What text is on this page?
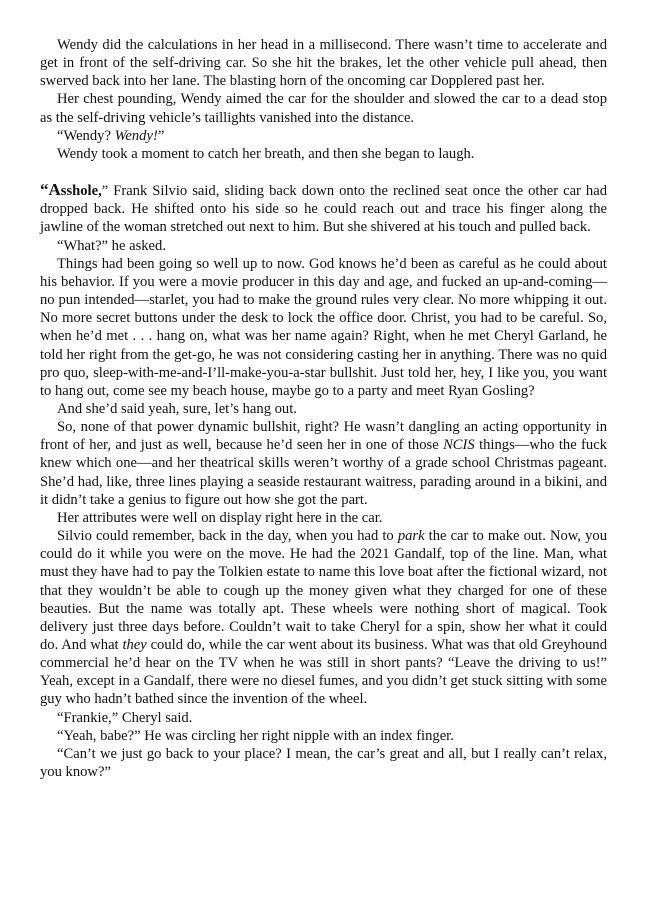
Wendy did the calculations in her head in a millisecond. There wasn’t time to accelerate and get in front of the self-driving car. So she hit the brakes, let the other vehicle pull ahead, then swerved back into her lane. The blasting horn of the oncoming car Dopplered past her.

Her chest pounding, Wendy aimed the car for the shoulder and slowed the car to a dead stop as the self-driving vehicle’s taillights vanished into the distance.

“Wendy? Wendy!”

Wendy took a moment to catch her breath, and then she began to laugh.

“Asshole,” Frank Silvio said, sliding back down onto the reclined seat once the other car had dropped back. He shifted onto his side so he could reach out and trace his finger along the jawline of the woman stretched out next to him. But she shivered at his touch and pulled back.

“What?” he asked.

Things had been going so well up to now. God knows he’d been as careful as he could about his behavior. If you were a movie producer in this day and age, and fucked an up-and-coming—no pun intended—starlet, you had to make the ground rules very clear. No more whipping it out. No more secret buttons under the desk to lock the office door. Christ, you had to be careful. So, when he’d met . . . hang on, what was her name again? Right, when he met Cheryl Garland, he told her right from the get-go, he was not considering casting her in anything. There was no quid pro quo, sleep-with-me-and-I’ll-make-you-a-star bullshit. Just told her, hey, I like you, you want to hang out, come see my beach house, maybe go to a party and meet Ryan Gosling?

And she’d said yeah, sure, let’s hang out.

So, none of that power dynamic bullshit, right? He wasn’t dangling an acting opportunity in front of her, and just as well, because he’d seen her in one of those NCIS things—who the fuck knew which one—and her theatrical skills weren’t worthy of a grade school Christmas pageant. She’d had, like, three lines playing a seaside restaurant waitress, parading around in a bikini, and it didn’t take a genius to figure out how she got the part.

Her attributes were well on display right here in the car.

Silvio could remember, back in the day, when you had to park the car to make out. Now, you could do it while you were on the move. He had the 2021 Gandalf, top of the line. Man, what must they have had to pay the Tolkien estate to name this love boat after the fictional wizard, not that they wouldn’t be able to cough up the money given what they charged for one of these beauties. But the name was totally apt. These wheels were nothing short of magical. Took delivery just three days before. Couldn’t wait to take Cheryl for a spin, show her what it could do. And what they could do, while the car went about its business. What was that old Greyhound commercial he’d hear on the TV when he was still in short pants? “Leave the driving to us!” Yeah, except in a Gandalf, there were no diesel fumes, and you didn’t get stuck sitting with some guy who hadn’t bathed since the invention of the wheel.

“Frankie,” Cheryl said.

“Yeah, babe?” He was circling her right nipple with an index finger.

“Can’t we just go back to your place? I mean, the car’s great and all, but I really can’t relax, you know?”
